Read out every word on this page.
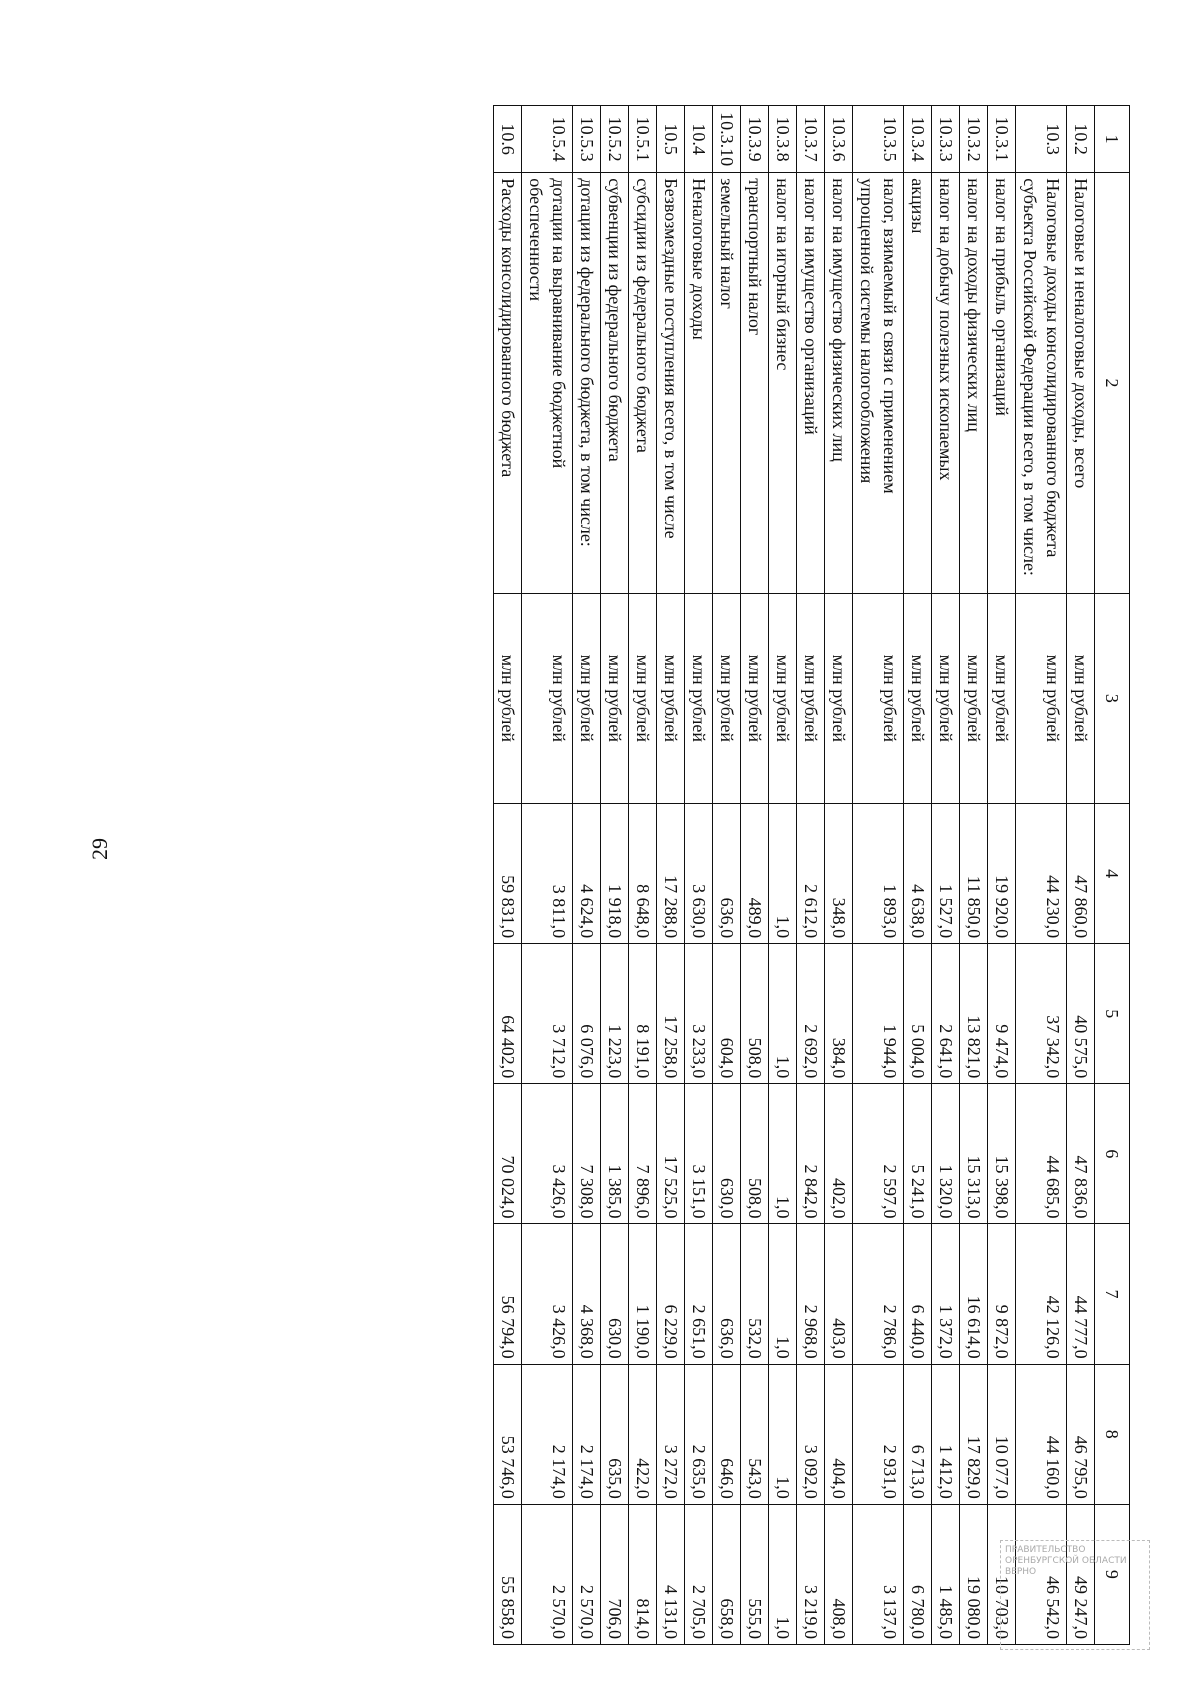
29
1	2	3	4	5	6	7	8	9
10.2	Налоговые и неналоговые доходы, всего	млн рублей	47 860,0	40 575,0	47 836,0	44 777,0	46 795,0	49 247,0
10.3	Налоговые доходы консолидированного бюджета субъекта Российской Федерации всего, в том числе:	млн рублей	44 230,0	37 342,0	44 685,0	42 126,0	44 160,0	46 542,0
10.3.1	налог на прибыль организаций	млн рублей	19 920,0	9 474,0	15 398,0	9 872,0	10 077,0	10 703,0
10.3.2	налог на доходы физических лиц	млн рублей	11 850,0	13 821,0	15 313,0	16 614,0	17 829,0	19 080,0
10.3.3	налог на добычу полезных ископаемых	млн рублей	1 527,0	2 641,0	1 320,0	1 372,0	1 412,0	1 485,0
10.3.4	акцизы	млн рублей	4 638,0	5 004,0	5 241,0	6 440,0	6 713,0	6 780,0
10.3.5	налог, взимаемый в связи с применением упрощенной системы налогообложения	млн рублей	1 893,0	1 944,0	2 597,0	2 786,0	2 931,0	3 137,0
10.3.6	налог на имущество физических лиц	млн рублей	348,0	384,0	402,0	403,0	404,0	408,0
10.3.7	налог на имущество организаций	млн рублей	2 612,0	2 692,0	2 842,0	2 968,0	3 092,0	3 219,0
10.3.8	налог на игорный бизнес	млн рублей	1,0	1,0	1,0	1,0	1,0	1,0
10.3.9	транспортный налог	млн рублей	489,0	508,0	508,0	532,0	543,0	555,0
10.3.10	земельный налог	млн рублей	636,0	604,0	630,0	636,0	646,0	658,0
10.4	Неналоговые доходы	млн рублей	3 630,0	3 233,0	3 151,0	2 651,0	2 635,0	2 705,0
10.5	Безвозмездные поступления всего, в том числе	млн рублей	17 288,0	17 258,0	17 525,0	6 229,0	3 272,0	4 131,0
10.5.1	субсидии из федерального бюджета	млн рублей	8 648,0	8 191,0	7 896,0	1 190,0	422,0	814,0
10.5.2	субвенции из федерального бюджета	млн рублей	1 918,0	1 223,0	1 385,0	630,0	635,0	706,0
10.5.3	дотации из федерального бюджета, в том числе:	млн рублей	4 624,0	6 076,0	7 308,0	4 368,0	2 174,0	2 570,0
10.5.4	дотации на выравнивание бюджетной обеспеченности	млн рублей	3 811,0	3 712,0	3 426,0	3 426,0	2 174,0	2 570,0
10.6	Расходы консолидированного бюджета	млн рублей	59 831,0	64 402,0	70 024,0	56 794,0	53 746,0	55 858,0
ПРАВИТЕЛЬСТВО
ОРЕНБУРГСКОЙ ОБЛАСТИ
ВЕРНО
